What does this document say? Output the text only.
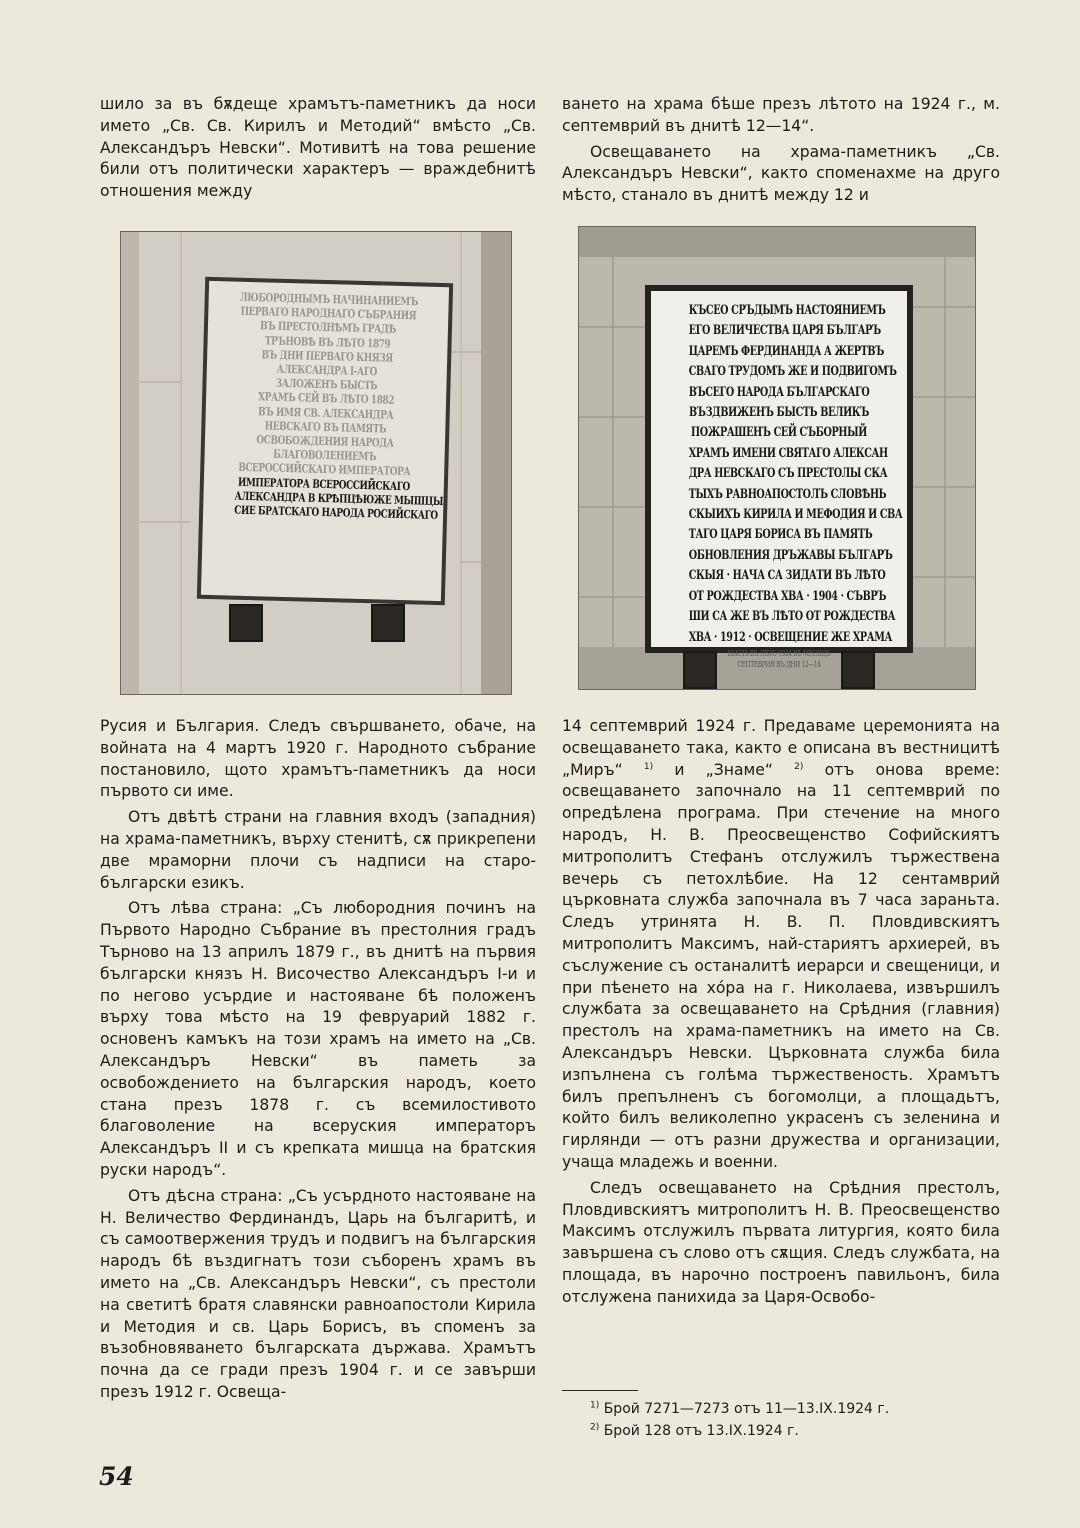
шило за въ бѫдеще храмътъ-паметникъ да носи името „Св. Св. Кирилъ и Методий“ вмѣсто „Св. Александъръ Невски“. Мотивитѣ на това решение били отъ политически характеръ — враждебнитѣ отношения между

ването на храма бѣше презъ лѣтото на 1924 г., м. септемврий въ днитѣ 12—14“.

Освещаването на храма-паметникъ „Св. Александъръ Невски“, както споменахме на друго мѣсто, станало въ днитѣ между 12 и

ЛЮБОРОДНЫМЪ НАЧИНАНИЕМЪ
ПЕРВАГО НАРОДНАГО СЪБРАНИЯ
ВЪ ПРЕСТОЛНѢМЪ ГРАДѢ
ТРЪНОВѢ ВЪ ЛѢТО 1879
ВЪ ДНИ ПЕРВАГО КНЯЗЯ
АЛЕКСАНДРА I-АГО
ЗАЛОЖЕНЪ БЫСТЬ
ХРАМЪ СЕЙ ВЪ ЛѢТО 1882
ВЪ ИМЯ СВ. АЛЕКСАНДРА
НЕВСКАГО ВЪ ПАМЯТЬ
ОСВОБОЖДЕНИЯ НАРОДА
БЛАГОВОЛЕНИЕМЪ
ВСЕРОССИЙСКАГО ИМПЕРАТОРА
ИМПЕРАТОРА ВСЕРОССИЙСКАГО
АЛЕКСАНДРА В КРѢПЦѢЮЖЕ МЫШЦЫ
СИЕ БРАТСКАГО НАРОДА РОСИЙСКАГО
КЪСЕО СРЪДЫМЪ НАСТОЯНИЕМЪ
ЕГО ВЕЛИЧЕСТВА ЦАРЯ БЪЛГАРЪ
ЦАРЕМЪ ФЕРДИНАНДА А ЖЕРТВЪ
СВАГО ТРУДОМЪ ЖЕ И ПОДВИГОМЪ
ВЪСЕГО НАРОДА БЪЛГАРСКАГО
ВЪЗДВИЖЕНЪ БЫСТЬ ВЕЛИКЪ
ПОЖРАШЕНЪ СЕЙ СЪБОРНЫЙ
ХРАМЪ ИМЕНИ СВЯТАГО АЛЕКСАН
ДРА НЕВСКАГО СЪ ПРЕСТОЛЫ СКА
ТЫХЪ РАВНОАПОСТОЛЪ СЛОВѢНЬ
СКЫИХЪ КИРИЛА И МЕФОДИЯ И СВА
ТАГО ЦАРЯ БОРИСА ВЪ ПАМЯТЬ
ОБНОВЛЕНИЯ ДРЪЖАВЫ БЪЛГАРЪ
СКЫЯ · НАЧА СА ЗИДАТИ ВЪ ЛѢТО
ОТ РОЖДЕСТВА ХВА · 1904 · СЪВРЪ
ШИ СА ЖЕ ВЪ ЛѢТО ОТ РОЖДЕСТВА
ХВА · 1912 · ОСВЕЩЕНИЕ ЖЕ ХРАМА
БЫСТЬ ВЪ ЛѢТО 1924 ВЪ МЕСЯЦЪ
СЕПТЕВРИЯ ВЪ ДНИ 12—14

Русия и България. Следъ свършването, обаче, на войната на 4 мартъ 1920 г. Народното събрание постановило, щото храмътъ-паметникъ да носи първото си име.

Отъ двѣтѣ страни на главния входъ (западния) на храма-паметникъ, върху стенитѣ, сѫ прикрепени две мраморни плочи съ надписи на старо-български езикъ.

Отъ лѣва страна: „Съ любородния починъ на Първото Народно Събрание въ престолния градъ Търново на 13 априлъ 1879 г., въ днитѣ на първия български князъ Н. Височество Александъръ I-и и по негово усърдие и настояване бѣ положенъ върху това мѣсто на 19 февруарий 1882 г. основенъ камъкъ на този храмъ на името на „Св. Александъръ Невски“ въ паметь за освобождението на българския народъ, което стана презъ 1878 г. съ всемилостивото благоволение на всеруския императоръ Александъръ II и съ крепката мишца на братския руски народъ“.

Отъ дѣсна страна: „Съ усърдното настояване на Н. Величество Фердинандъ, Царь на българитѣ, и съ самоотвержения трудъ и подвигъ на българския народъ бѣ въздигнатъ този съборенъ храмъ въ името на „Св. Александъръ Невски“, съ престоли на светитѣ братя славянски равноапостоли Кирила и Методия и св. Царь Борисъ, въ споменъ за възобновяването българската държава. Храмътъ почна да се гради презъ 1904 г. и се завърши презъ 1912 г. Освеща-

14 септемврий 1924 г. Предаваме церемонията на освещаването така, както е описана въ вестницитѣ „Миръ“ $^{1)}$ и „Знаме“ $^{2)}$ отъ онова време: освещаването започнало на 11 септемврий по опредѣлена програма. При стечение на много народъ, Н. В. Преосвещенство Софийскиятъ митрополитъ Стефанъ отслужилъ тържествена вечерь съ петохлѣбие. На 12 сентамврий църковната служба започнала въ 7 часа зараньта. Следъ утринята Н. В. П. Пловдивскиятъ митрополитъ Максимъ, най-стариятъ архиерей, въ съслужение съ останалитѣ иерарси и свещеници, и при пѣенето на хо́ра на г. Николаева, извършилъ службата за освещаването на Срѣдния (главния) престолъ на храма-паметникъ на името на Св. Александъръ Невски. Църковната служба била изпълнена съ голѣма тържественость. Храмътъ билъ препълненъ съ богомолци, а площадьтъ, който билъ великолепно украсенъ съ зеленина и гирлянди — отъ разни дружества и организации, учаща младежь и военни.

Следъ освещаването на Срѣдния престолъ, Пловдивскиятъ митрополитъ Н. В. Преосвещенство Максимъ отслужилъ първата литургия, която била завършена съ слово отъ сѫщия. Следъ службата, на площада, въ нарочно построенъ павильонъ, била отслужена панихида за Царя-Освобо-

$^{1)}$ Брой 7271—7273 отъ 11—13.IX.1924 г.
$^{2)}$ Брой 128 отъ 13.IX.1924 г.
54
